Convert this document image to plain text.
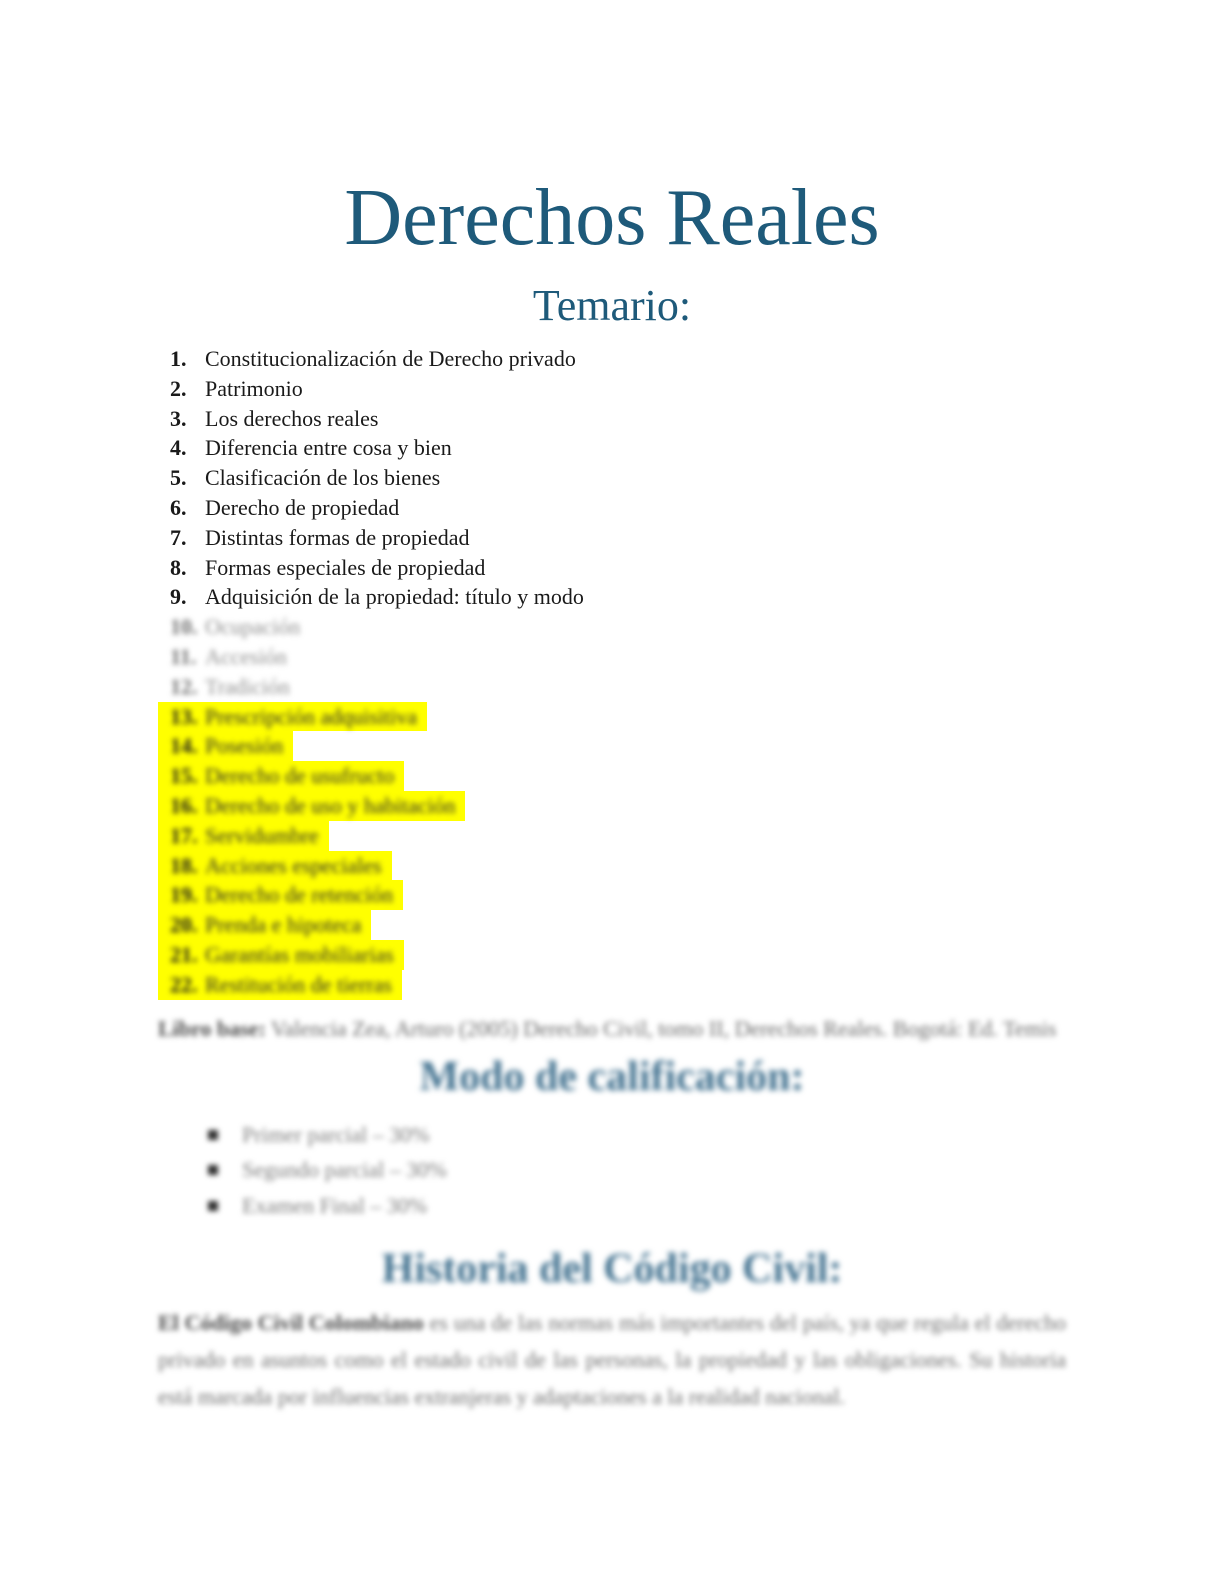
Derechos Reales
Temario:
1. Constitucionalización de Derecho privado
2. Patrimonio
3. Los derechos reales
4. Diferencia entre cosa y bien
5. Clasificación de los bienes
6. Derecho de propiedad
7. Distintas formas de propiedad
8. Formas especiales de propiedad
9. Adquisición de la propiedad: título y modo
10. Ocupación
11. Accesión
12. Tradición
13. Prescripción adquisitiva
14. Posesión
15. Derecho de usufructo
16. Derecho de uso y habitación
17. Servidumbre
18. Acciones especiales
19. Derecho de retención
20. Prenda e hipoteca
21. Garantías mobiliarias
22. Restitución de tierras

Libro base: Valencia Zea, Arturo (2005) Derecho Civil, tomo II, Derechos Reales. Bogotá: Ed. Temis

Modo de calificación:
Primer parcial – 30%
Segundo parcial – 30%
Examen Final – 30%
Historia del Código Civil:

El Código Civil Colombiano es una de las normas más importantes del país, ya que regula el derecho privado en asuntos como el estado civil de las personas, la propiedad y las obligaciones. Su historia está marcada por influencias extranjeras y adaptaciones a la realidad nacional.
